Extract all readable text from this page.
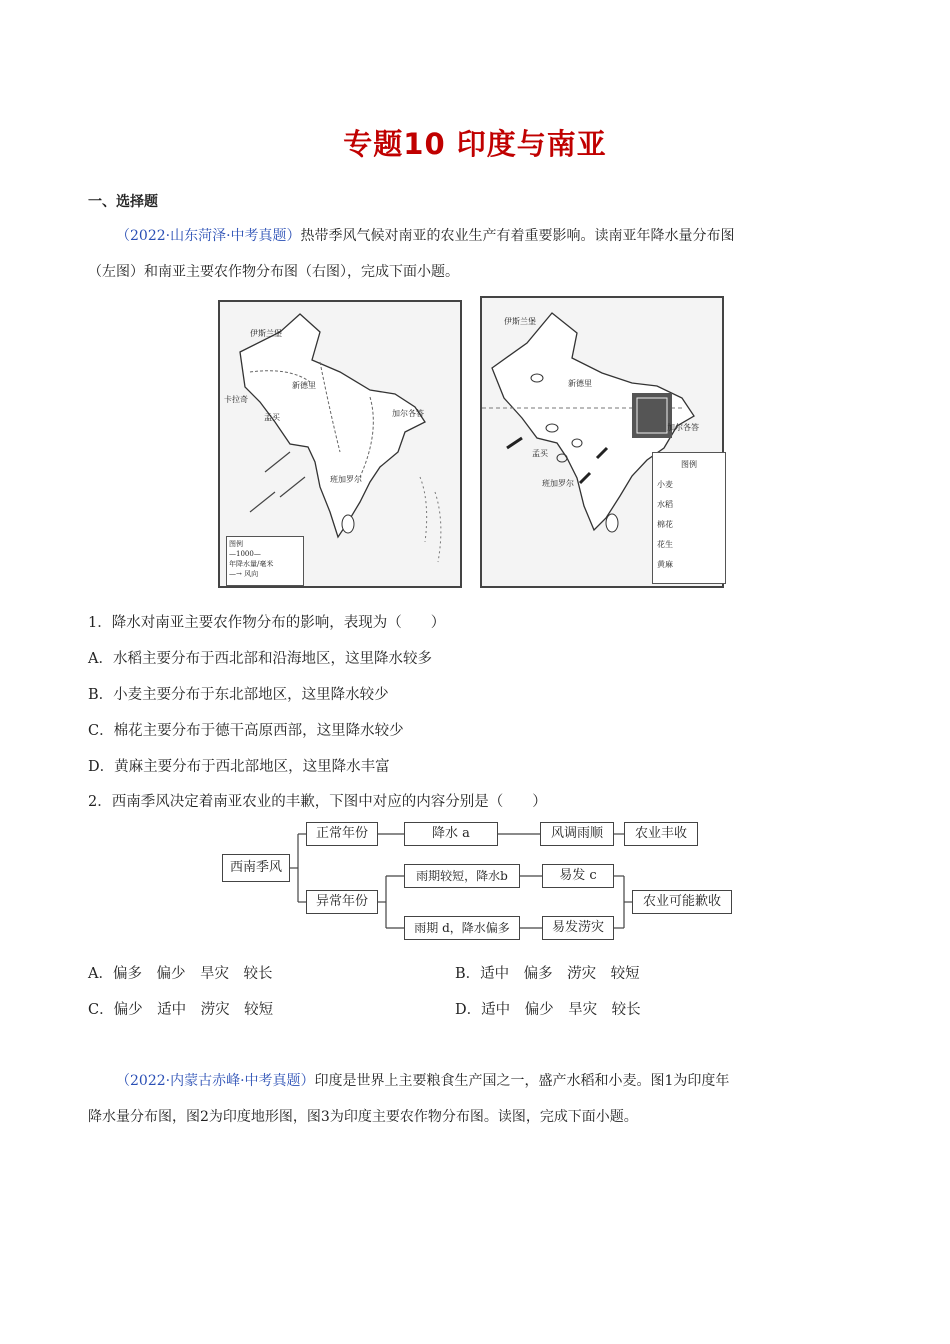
专题10 印度与南亚
一、选择题
（2022·山东菏泽·中考真题）热带季风气候对南亚的农业生产有着重要影响。读南亚年降水量分布图
（左图）和南亚主要农作物分布图（右图），完成下面小题。
伊斯兰堡
新德里
卡拉奇
孟买	加尔各答
班加罗尔
图例
—1000—
年降水量/毫米
—→ 风向
伊斯兰堡
新德里
孟买
加尔各答
班加罗尔
图例
小麦
水稻
棉花
花生
黄麻
1．降水对南亚主要农作物分布的影响，表现为（　　）
A．水稻主要分布于西北部和沿海地区，这里降水较多
B．小麦主要分布于东北部地区，这里降水较少
C．棉花主要分布于德干高原西部，这里降水较少
D．黄麻主要分布于西北部地区，这里降水丰富
2．西南季风决定着南亚农业的丰歉，下图中对应的内容分别是（　　）
西南季风
正常年份
异常年份
降水 a	风调雨顺	农业丰收
雨期较短，降水b	易发 c
农业可能歉收
雨期 d，降水偏多	易发涝灾
A．偏多　偏少　旱灾　较长	B．适中　偏多　涝灾　较短
C．偏少　适中　涝灾　较短	D．适中　偏少　旱灾　较长
（2022·内蒙古赤峰·中考真题）印度是世界上主要粮食生产国之一，盛产水稻和小麦。图1为印度年
降水量分布图，图2为印度地形图，图3为印度主要农作物分布图。读图，完成下面小题。
